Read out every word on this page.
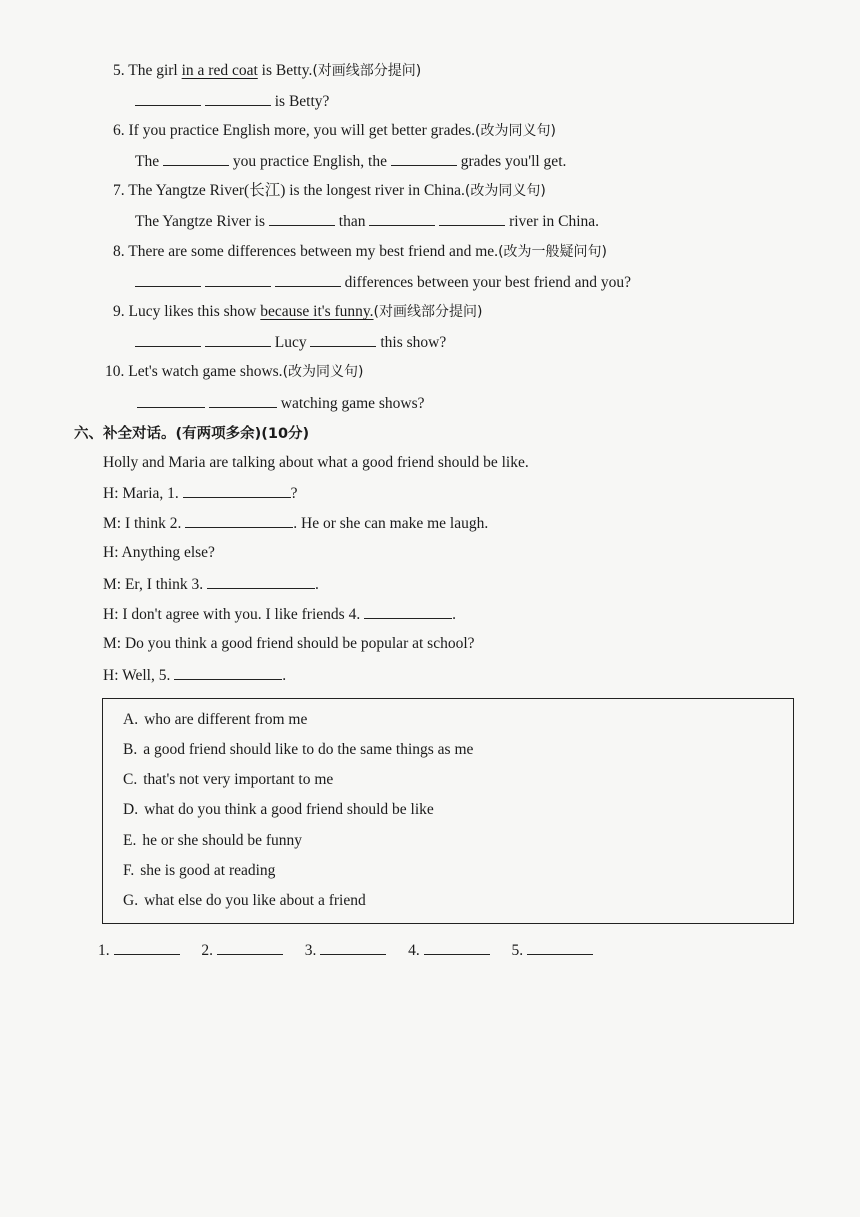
5. The girl in a red coat is Betty.(对画线部分提问)
is Betty?
6. If you practice English more, you will get better grades.(改为同义句)
The	you practice English, the	grades you'll get.
7. The Yangtze River(长江) is the longest river in China.(改为同义句)
The Yangtze River is	than	river in China.
8. There are some differences between my best friend and me.(改为一般疑问句)
differences between your best friend and you?
9. Lucy likes this show because it's funny.(对画线部分提问)
Lucy	this show?
10. Let's watch game shows.(改为同义句)
watching game shows?
六、补全对话。(有两项多余)(10分)
Holly and Maria are talking about what a good friend should be like.
H: Maria, 1.	?
M: I think 2.	. He or she can make me laugh.
H: Anything else?
M: Er, I think 3.	.
H: I don't agree with you. I like friends 4.	.
M: Do you think a good friend should be popular at school?
H: Well, 5.	.
A. who are different from me
B. a good friend should like to do the same things as me
C. that's not very important to me
D. what do you think a good friend should be like
E. he or she should be funny
F. she is good at reading
G. what else do you like about a friend
1.	2.	3.	4.	5.
